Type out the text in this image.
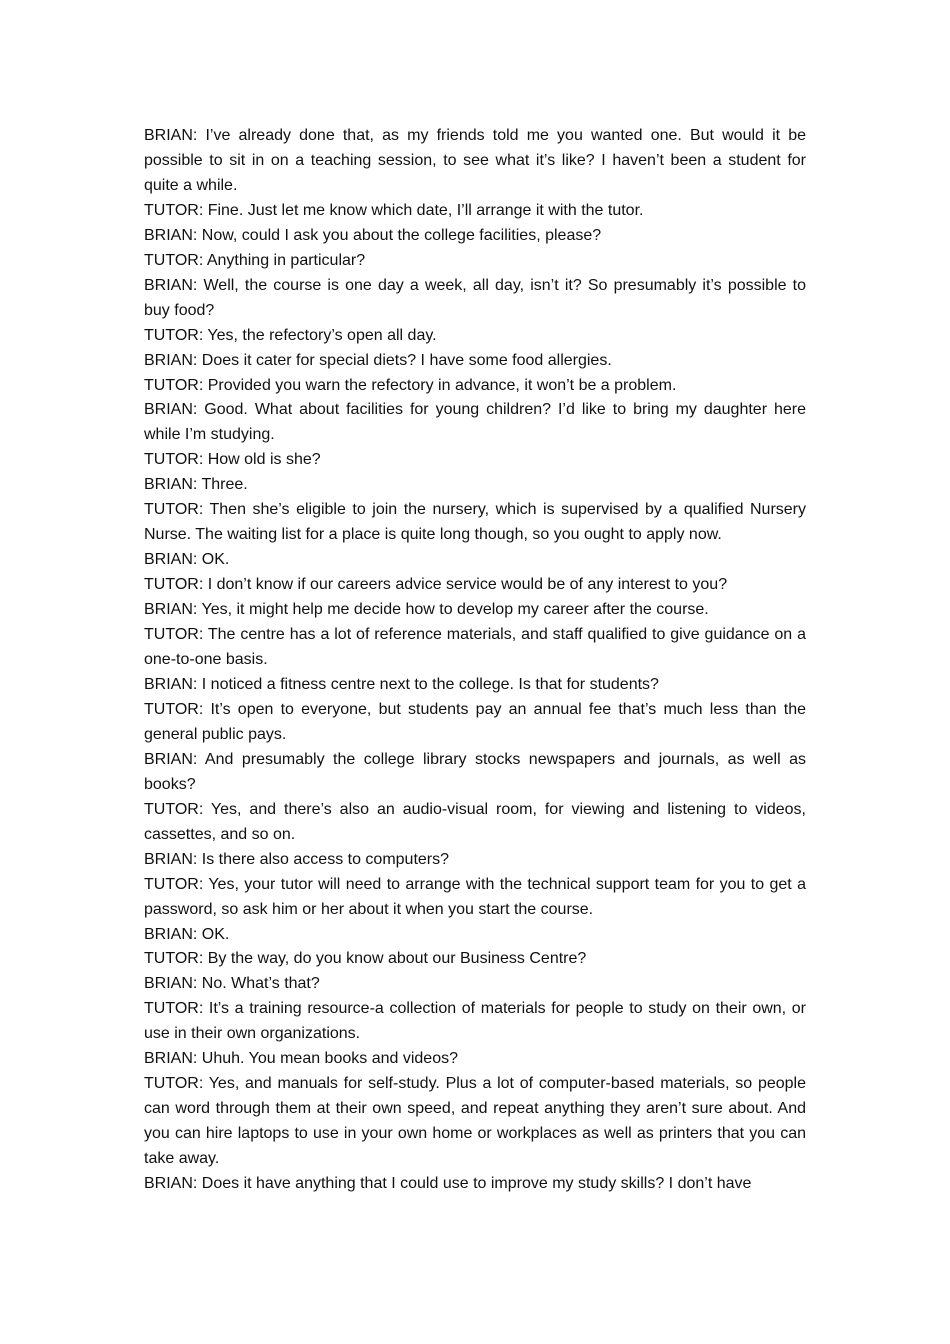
BRIAN: I’ve already done that, as my friends told me you wanted one. But would it be possible to sit in on a teaching session, to see what it’s like? I haven’t been a student for quite a while.

TUTOR: Fine. Just let me know which date, I’ll arrange it with the tutor.

BRIAN: Now, could I ask you about the college facilities, please?

TUTOR: Anything in particular?

BRIAN: Well, the course is one day a week, all day, isn’t it? So presumably it’s possible to buy food?

TUTOR: Yes, the refectory’s open all day.

BRIAN: Does it cater for special diets? I have some food allergies.

TUTOR: Provided you warn the refectory in advance, it won’t be a problem.

BRIAN: Good. What about facilities for young children? I’d like to bring my daughter here while I’m studying.

TUTOR: How old is she?

BRIAN: Three.

TUTOR: Then she’s eligible to join the nursery, which is supervised by a qualified Nursery Nurse. The waiting list for a place is quite long though, so you ought to apply now.

BRIAN: OK.

TUTOR: I don’t know if our careers advice service would be of any interest to you?

BRIAN: Yes, it might help me decide how to develop my career after the course.

TUTOR: The centre has a lot of reference materials, and staff qualified to give guidance on a one-to-one basis.

BRIAN: I noticed a fitness centre next to the college. Is that for students?

TUTOR: It’s open to everyone, but students pay an annual fee that’s much less than the general public pays.

BRIAN: And presumably the college library stocks newspapers and journals, as well as books?

TUTOR: Yes, and there’s also an audio-visual room, for viewing and listening to videos, cassettes, and so on.

BRIAN: Is there also access to computers?

TUTOR: Yes, your tutor will need to arrange with the technical support team for you to get a password, so ask him or her about it when you start the course.

BRIAN: OK.

TUTOR: By the way, do you know about our Business Centre?

BRIAN: No. What’s that?

TUTOR: It’s a training resource-a collection of materials for people to study on their own, or use in their own organizations.

BRIAN: Uhuh. You mean books and videos?

TUTOR: Yes, and manuals for self-study. Plus a lot of computer-based materials, so people can word through them at their own speed, and repeat anything they aren’t sure about. And you can hire laptops to use in your own home or workplaces as well as printers that you can take away.

BRIAN: Does it have anything that I could use to improve my study skills? I don’t have
